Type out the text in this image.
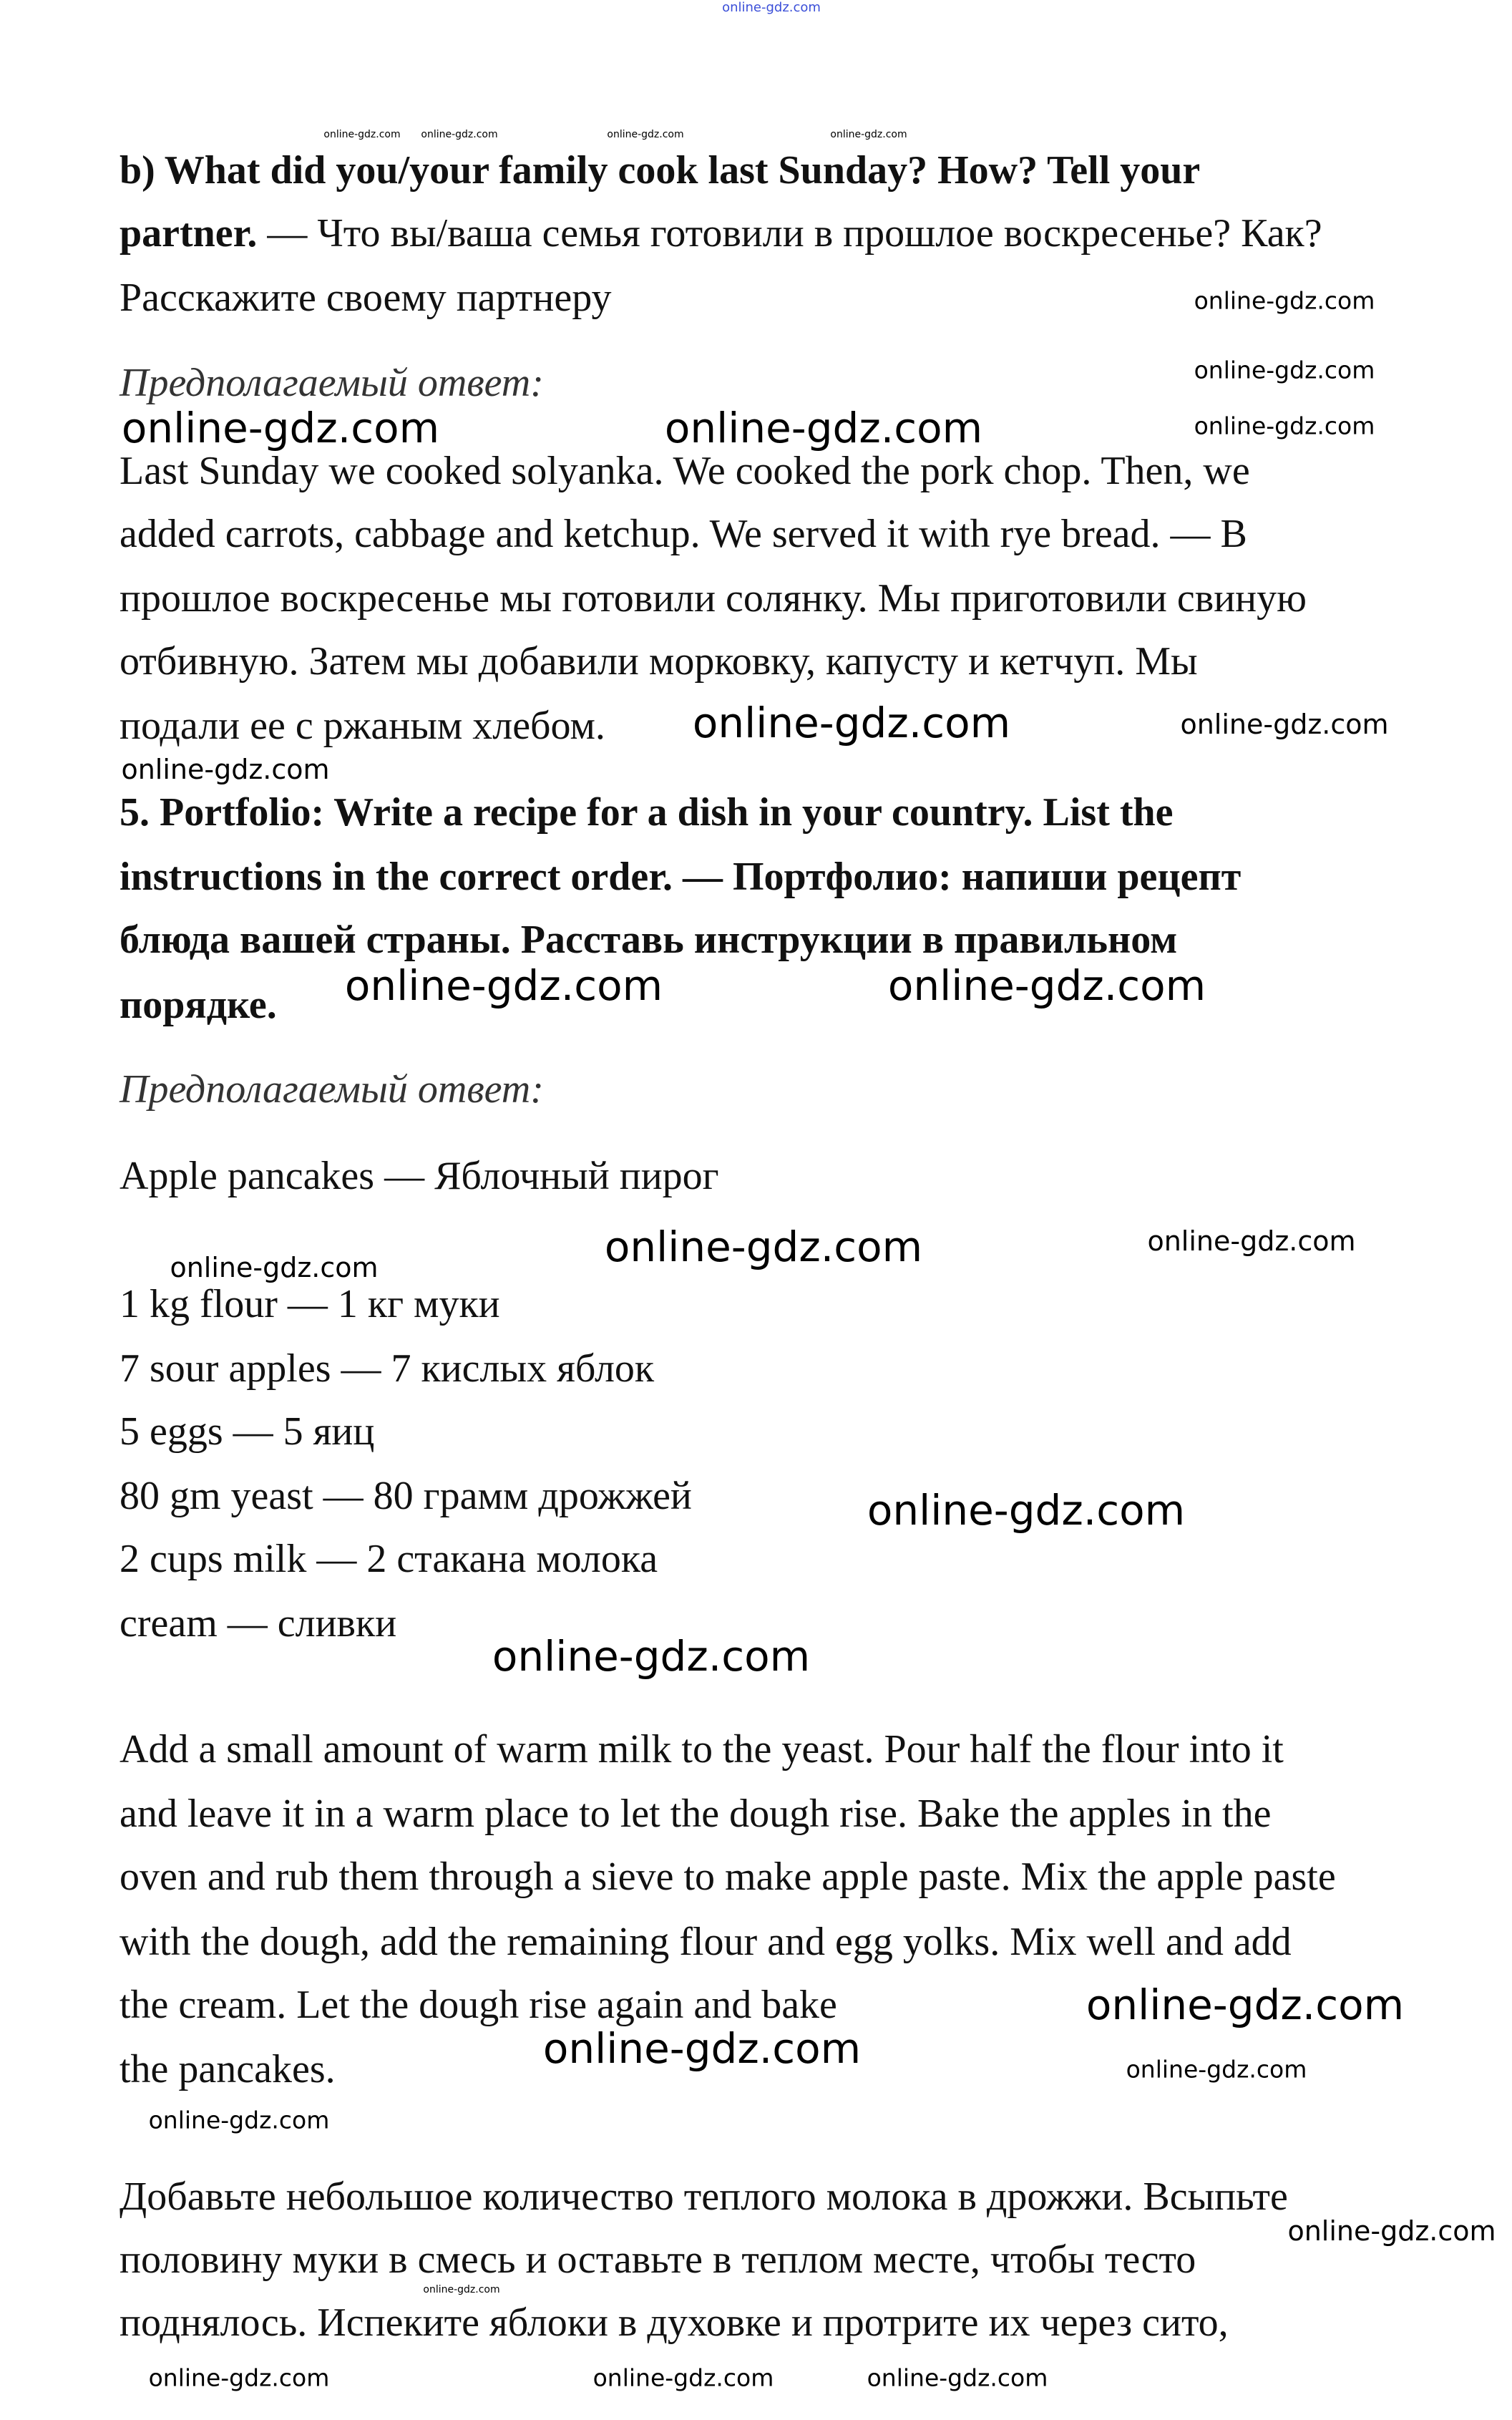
b) What did you/your family cook last Sunday? How? Tell your
partner. — Что вы/ваша семья готовили в прошлое воскресенье? Как?
Расскажите своему партнеру
Предполагаемый ответ:
Last Sunday we cooked solyanka. We cooked the pork chop. Then, we
added carrots, cabbage and ketchup. We served it with rye bread. — В
прошлое воскресенье мы готовили солянку. Мы приготовили свиную
отбивную. Затем мы добавили морковку, капусту и кетчуп. Мы
подали ее с ржаным хлебом.
5. Portfolio: Write a recipe for a dish in your country. List the
instructions in the correct order. — Портфолио: напиши рецепт
блюда вашей страны. Расставь инструкции в правильном
порядке.
Предполагаемый ответ:
Apple pancakes — Яблочный пирог
1 kg flour — 1 кг муки
7 sour apples — 7 кислых яблок
5 eggs — 5 яиц
80 gm yeast — 80 грамм дрожжей
2 cups milk — 2 стакана молока
cream — сливки
Add a small amount of warm milk to the yeast. Pour half the flour into it
and leave it in a warm place to let the dough rise. Bake the apples in the
oven and rub them through a sieve to make apple paste. Mix the apple paste
with the dough, add the remaining flour and egg yolks. Mix well and add
the cream. Let the dough rise again and bake
the pancakes.
Добавьте небольшое количество теплого молока в дрожжи. Всыпьте
половину муки в смесь и оставьте в теплом месте, чтобы тесто
поднялось. Испеките яблоки в духовке и протрите их через сито,
online-gdz.com
online-gdz.com online-gdz.com	online-gdz.com	online-gdz.com
online-gdz.com
online-gdz.com
online-gdz.com	online-gdz.com	online-gdz.com
online-gdz.com
online-gdz.com	online-gdz.com
online-gdz.com	online-gdz.com
online-gdz.com	online-gdz.com	online-gdz.com
online-gdz.com
online-gdz.com
online-gdz.com
online-gdz.com
online-gdz.com
online-gdz.com
online-gdz.com
online-gdz.com
online-gdz.com
online-gdz.com	online-gdz.com
